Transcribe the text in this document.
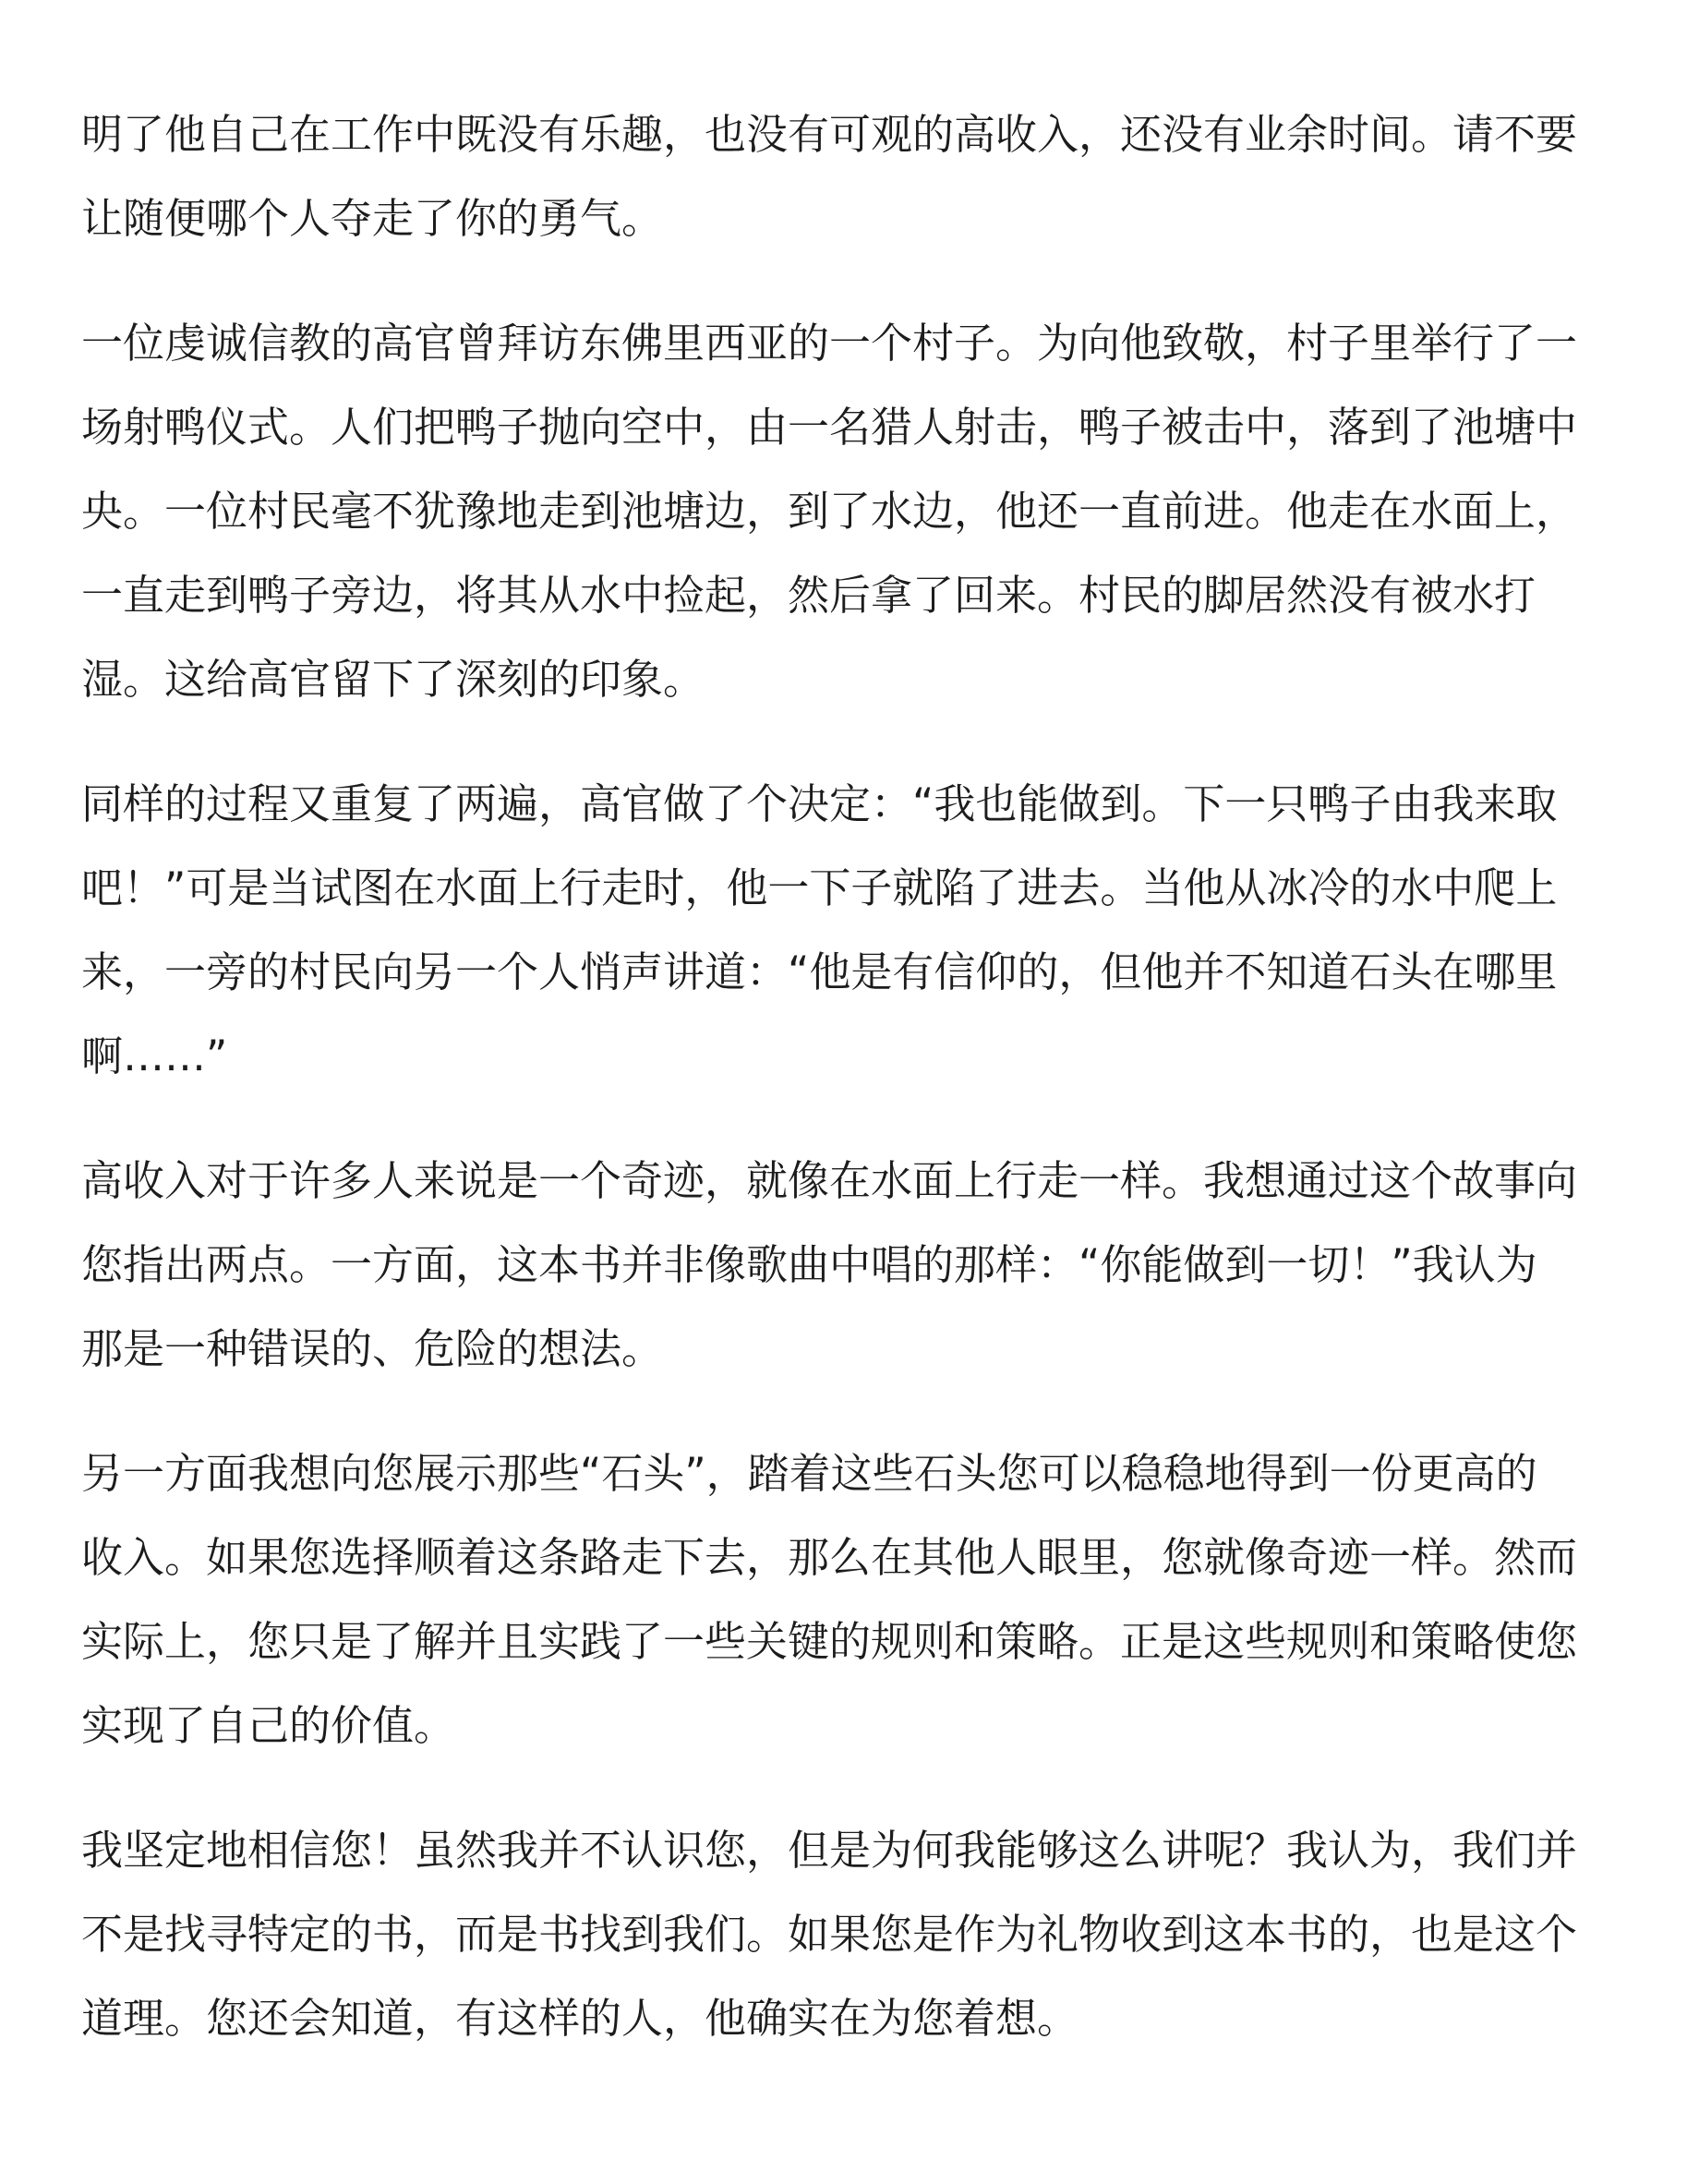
明了他自己在工作中既没有乐趣，也没有可观的高收入，还没有业余时间。请不要
让随便哪个人夺走了你的勇气。

一位虔诚信教的高官曾拜访东佛里西亚的一个村子。为向他致敬，村子里举行了一
场射鸭仪式。人们把鸭子抛向空中，由一名猎人射击，鸭子被击中，落到了池塘中
央。一位村民毫不犹豫地走到池塘边，到了水边，他还一直前进。他走在水面上，
一直走到鸭子旁边，将其从水中捡起，然后拿了回来。村民的脚居然没有被水打
湿。这给高官留下了深刻的印象。

同样的过程又重复了两遍，高官做了个决定：“我也能做到。下一只鸭子由我来取
吧！”可是当试图在水面上行走时，他一下子就陷了进去。当他从冰冷的水中爬上
来，一旁的村民向另一个人悄声讲道：“他是有信仰的，但他并不知道石头在哪里
啊……”

高收入对于许多人来说是一个奇迹，就像在水面上行走一样。我想通过这个故事向
您指出两点。一方面，这本书并非像歌曲中唱的那样：“你能做到一切！”我认为
那是一种错误的、危险的想法。

另一方面我想向您展示那些“石头”，踏着这些石头您可以稳稳地得到一份更高的
收入。如果您选择顺着这条路走下去，那么在其他人眼里，您就像奇迹一样。然而
实际上，您只是了解并且实践了一些关键的规则和策略。正是这些规则和策略使您
实现了自己的价值。

我坚定地相信您！虽然我并不认识您，但是为何我能够这么讲呢？我认为，我们并
不是找寻特定的书，而是书找到我们。如果您是作为礼物收到这本书的，也是这个
道理。您还会知道，有这样的人，他确实在为您着想。
